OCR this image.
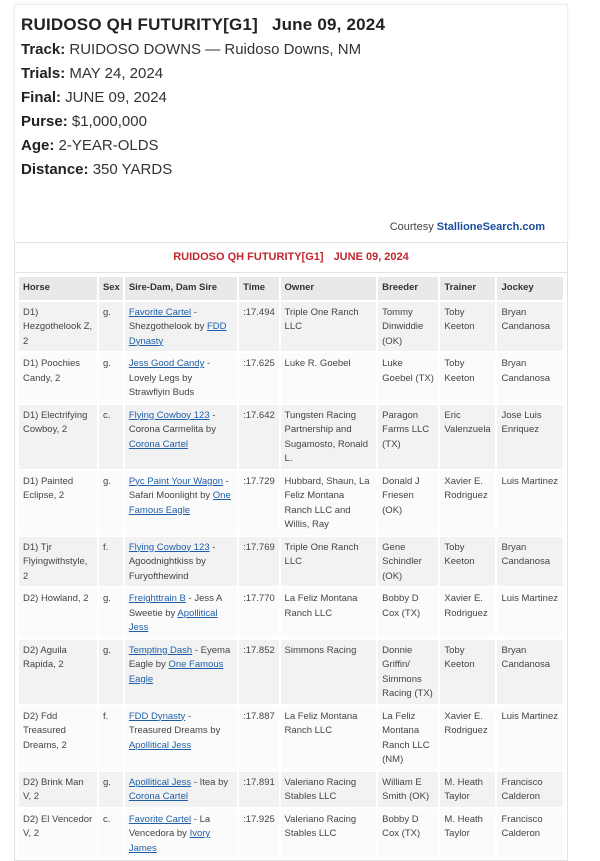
RUIDOSO QH FUTURITY[G1] June 09, 2024
Track: RUIDOSO DOWNS — Ruidoso Downs, NM
Trials: MAY 24, 2024
Final: JUNE 09, 2024
Purse: $1,000,000
Age: 2-YEAR-OLDS
Distance: 350 YARDS
Courtesy StallioneSearch.com
RUIDOSO QH FUTURITY[G1] JUNE 09, 2024
Horse	Sex	Sire-Dam, Dam Sire	Time	Owner	Breeder	Trainer	Jockey
D1) Hezgothelook Z, 2	g.	Favorite Cartel - Shezgothelook by FDD Dynasty	:17.494	Triple One Ranch LLC	Tommy Dinwiddie (OK)	Toby Keeton	Bryan Candanosa
D1) Poochies Candy, 2	g.	Jess Good Candy - Lovely Legs by Strawflyin Buds	:17.625	Luke R. Goebel	Luke Goebel (TX)	Toby Keeton	Bryan Candanosa
D1) Electrifying Cowboy, 2	c.	Flying Cowboy 123 - Corona Carmelita by Corona Cartel	:17.642	Tungsten Racing Partnership and Sugamosto, Ronald L.	Paragon Farms LLC (TX)	Eric Valenzuela	Jose Luis Enriquez
D1) Painted Eclipse, 2	g.	Pyc Paint Your Wagon - Safari Moonlight by One Famous Eagle	:17.729	Hubbard, Shaun, La Feliz Montana Ranch LLC and Willis, Ray	Donald J Friesen (OK)	Xavier E. Rodriguez	Luis Martinez
D1) Tjr Flyingwithstyle, 2	f.	Flying Cowboy 123 - Agoodnightkiss by Furyofthewind	:17.769	Triple One Ranch LLC	Gene Schindler (OK)	Toby Keeton	Bryan Candanosa
D2) Howland, 2	g.	Freighttrain B - Jess A Sweetie by Apollitical Jess	:17.770	La Feliz Montana Ranch LLC	Bobby D Cox (TX)	Xavier E. Rodriguez	Luis Martinez
D2) Aguila Rapida, 2	g.	Tempting Dash - Eyema Eagle by One Famous Eagle	:17.852	Simmons Racing	Donnie Griffin/ Simmons Racing (TX)	Toby Keeton	Bryan Candanosa
D2) Fdd Treasured Dreams, 2	f.	FDD Dynasty - Treasured Dreams by Apollitical Jess	:17.887	La Feliz Montana Ranch LLC	La Feliz Montana Ranch LLC (NM)	Xavier E. Rodriguez	Luis Martinez
D2) Brink Man V, 2	g.	Apollitical Jess - Itea by Corona Cartel	:17.891	Valeriano Racing Stables LLC	William E Smith (OK)	M. Heath Taylor	Francisco Calderon
D2) El Vencedor V, 2	c.	Favorite Cartel - La Vencedora by Ivory James	:17.925	Valeriano Racing Stables LLC	Bobby D Cox (TX)	M. Heath Taylor	Francisco Calderon
